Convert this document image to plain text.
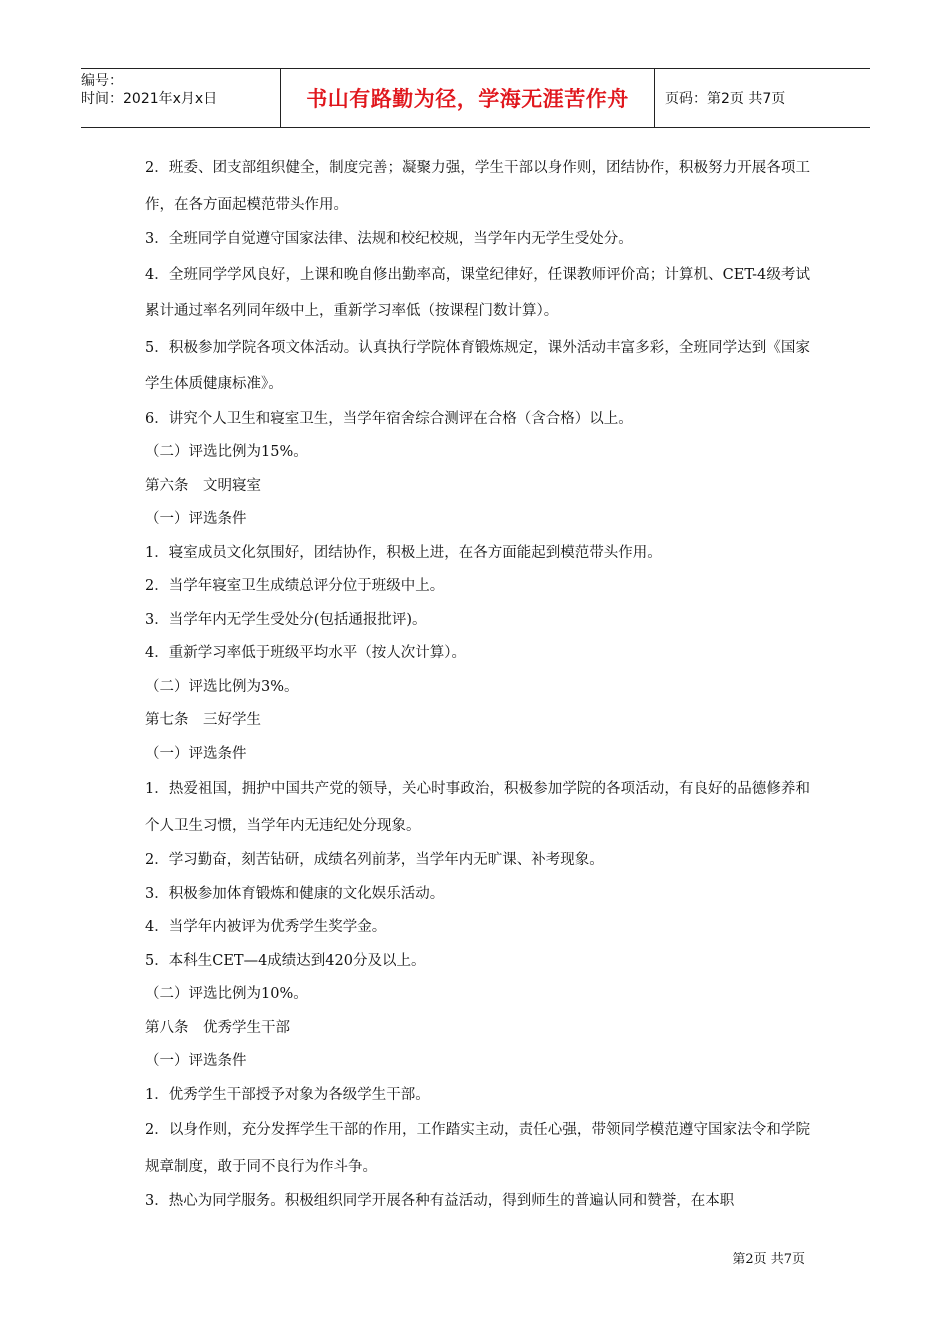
编号：
时间：2021年x月x日	书山有路勤为径，学海无涯苦作舟	页码：第2页 共7页
2．班委、团支部组织健全，制度完善；凝聚力强，学生干部以身作则，团结协作，积极努力开展各项工作，在各方面起模范带头作用。
3．全班同学自觉遵守国家法律、法规和校纪校规，当学年内无学生受处分。
4．全班同学学风良好，上课和晚自修出勤率高，课堂纪律好，任课教师评价高；计算机、CET-4级考试累计通过率名列同年级中上，重新学习率低（按课程门数计算）。
5．积极参加学院各项文体活动。认真执行学院体育锻炼规定，课外活动丰富多彩，全班同学达到《国家学生体质健康标准》。
6．讲究个人卫生和寝室卫生，当学年宿舍综合测评在合格（含合格）以上。
（二）评选比例为15%。
第六条　文明寝室
（一）评选条件
1．寝室成员文化氛围好，团结协作，积极上进，在各方面能起到模范带头作用。
2．当学年寝室卫生成绩总评分位于班级中上。
3．当学年内无学生受处分(包括通报批评)。
4．重新学习率低于班级平均水平（按人次计算）。
（二）评选比例为3%。
第七条　三好学生
（一）评选条件
1．热爱祖国，拥护中国共产党的领导，关心时事政治，积极参加学院的各项活动，有良好的品德修养和个人卫生习惯，当学年内无违纪处分现象。
2．学习勤奋，刻苦钻研，成绩名列前茅，当学年内无旷课、补考现象。
3．积极参加体育锻炼和健康的文化娱乐活动。
4．当学年内被评为优秀学生奖学金。
5．本科生CET—4成绩达到420分及以上。
（二）评选比例为10%。
第八条　优秀学生干部
（一）评选条件
1．优秀学生干部授予对象为各级学生干部。
2．以身作则，充分发挥学生干部的作用，工作踏实主动，责任心强，带领同学模范遵守国家法令和学院规章制度，敢于同不良行为作斗争。
3．热心为同学服务。积极组织同学开展各种有益活动，得到师生的普遍认同和赞誉，在本职
第2页 共7页
